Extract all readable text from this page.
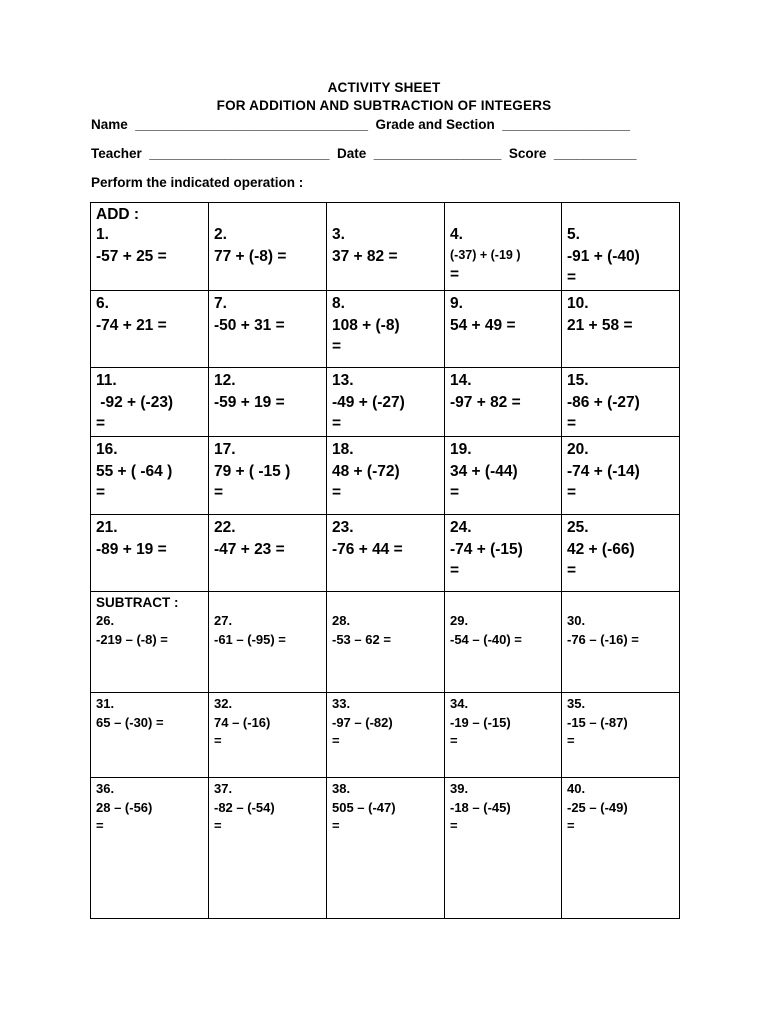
ACTIVITY SHEET
FOR ADDITION AND SUBTRACTION OF INTEGERS
Name  _______________________________  Grade and Section  _________________
Teacher  ________________________  Date  _________________  Score  ___________
Perform the indicated operation :
ADD :
1.
-57 + 25 =	2.
77 + (-8) =	3.
37 + 82 =	4.
(-37) + (-19 )
=	5.
-91 + (-40)
=

6.
-74 + 21 =	7.
-50 + 31 =	8.
108 + (-8)
=	9.
54 + 49 =	10.
21 + 58 =

11.
-92 + (-23)
=	12.
-59 + 19 =	13.
-49 + (-27)
=	14.
-97 + 82 =	15.
-86 + (-27)
=

16.
55 + ( -64 )
=	17.
79 + ( -15 )
=	18.
48 + (-72)
=	19.
34 + (-44)
=	20.
-74 + (-14)
=

21.
-89 + 19 =	22.
-47 + 23 =	23.
-76 + 44 =	24.
-74 + (-15)
=	25.
42 + (-66)
=

SUBTRACT :
26.
-219 – (-8) =	27.
-61 – (-95) =	28.
-53 – 62 =	29.
-54 – (-40) =	30.
-76 – (-16) =

31.
65 – (-30) =	32.
74 – (-16)
=	33.
-97 – (-82)
=	34.
-19 – (-15)
=	35.
-15 – (-87)
=

36.
28 – (-56)
=	37.
-82 – (-54)
=	38.
505 – (-47)
=	39.
-18 – (-45)
=	40.
-25 – (-49)
=
